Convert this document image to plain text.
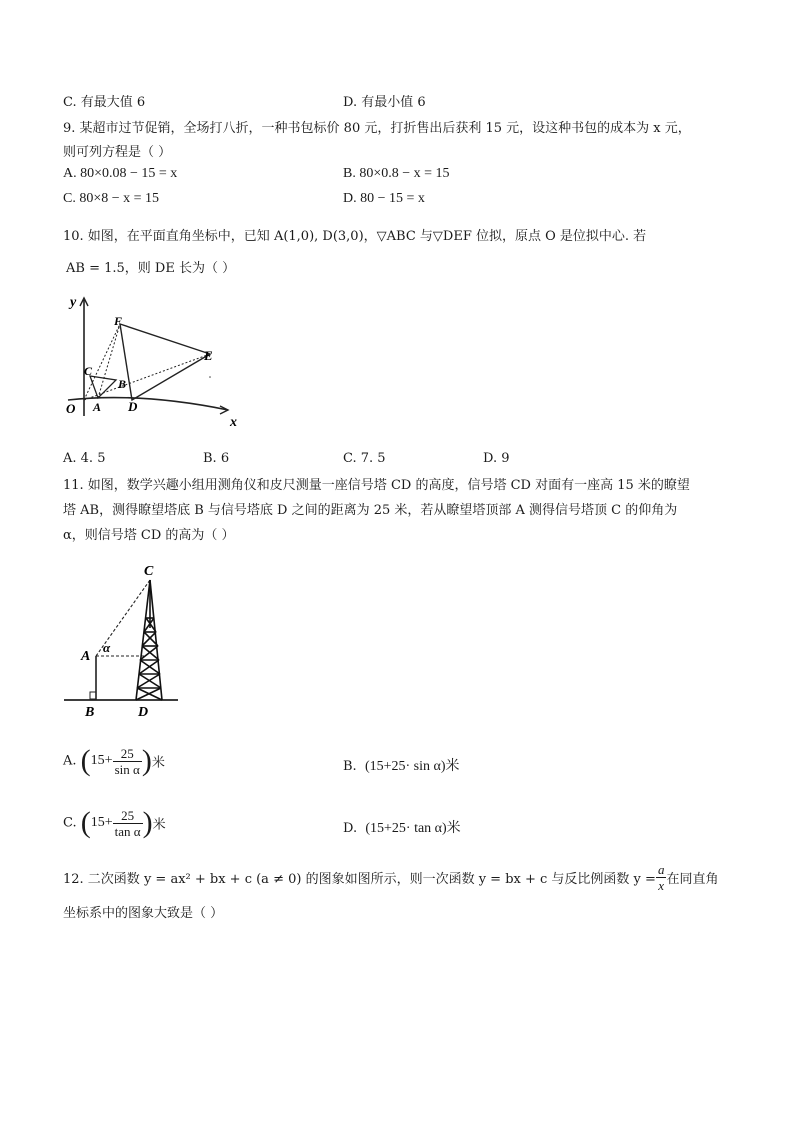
C. 有最大值 6	D. 有最小值 6
9. 某超市过节促销，全场打八折，一种书包标价 80 元，打折售出后获利 15 元，设这种书包的成本为 x 元，
则可列方程是（ ）
A. 80×0.08 − 15 = x	B. 80×0.8 − x = 15
C. 80×8 − x = 15	D. 80 − 15 = x
10. 如图，在平面直角坐标中，已知 A(1,0), D(3,0)，▽ABC 与▽DEF 位拟，原点 O 是位拟中心. 若
AB = 1.5，则 DE 长为（ ）
y
x
O A
B
C
D
E
F
A. 4. 5	B. 6	C. 7. 5	D. 9
11. 如图，数学兴趣小组用测角仪和皮尺测量一座信号塔 CD 的高度，信号塔 CD 对面有一座高 15 米的瞭望
塔 AB，测得瞭望塔底 B 与信号塔底 D 之间的距离为 25 米，若从瞭望塔顶部 A 测得信号塔顶 C 的仰角为
α，则信号塔 CD 的高为（ ）
C
A
α
B	D
A. ($15+ \frac{25}{\text{sin α}}$ )米	B. (15+25· sin α)米
C. ($15+ \frac{25}{\text{tan α}}$ )米	D. (15+25· tan α)米
12. 二次函数 y = ax² + bx + c (a ≠ 0) 的图象如图所示，则一次函数 y = bx + c 与反比例函数 $y = \frac{a}{x}$ 在同直角
坐标系中的图象大致是（ ）
